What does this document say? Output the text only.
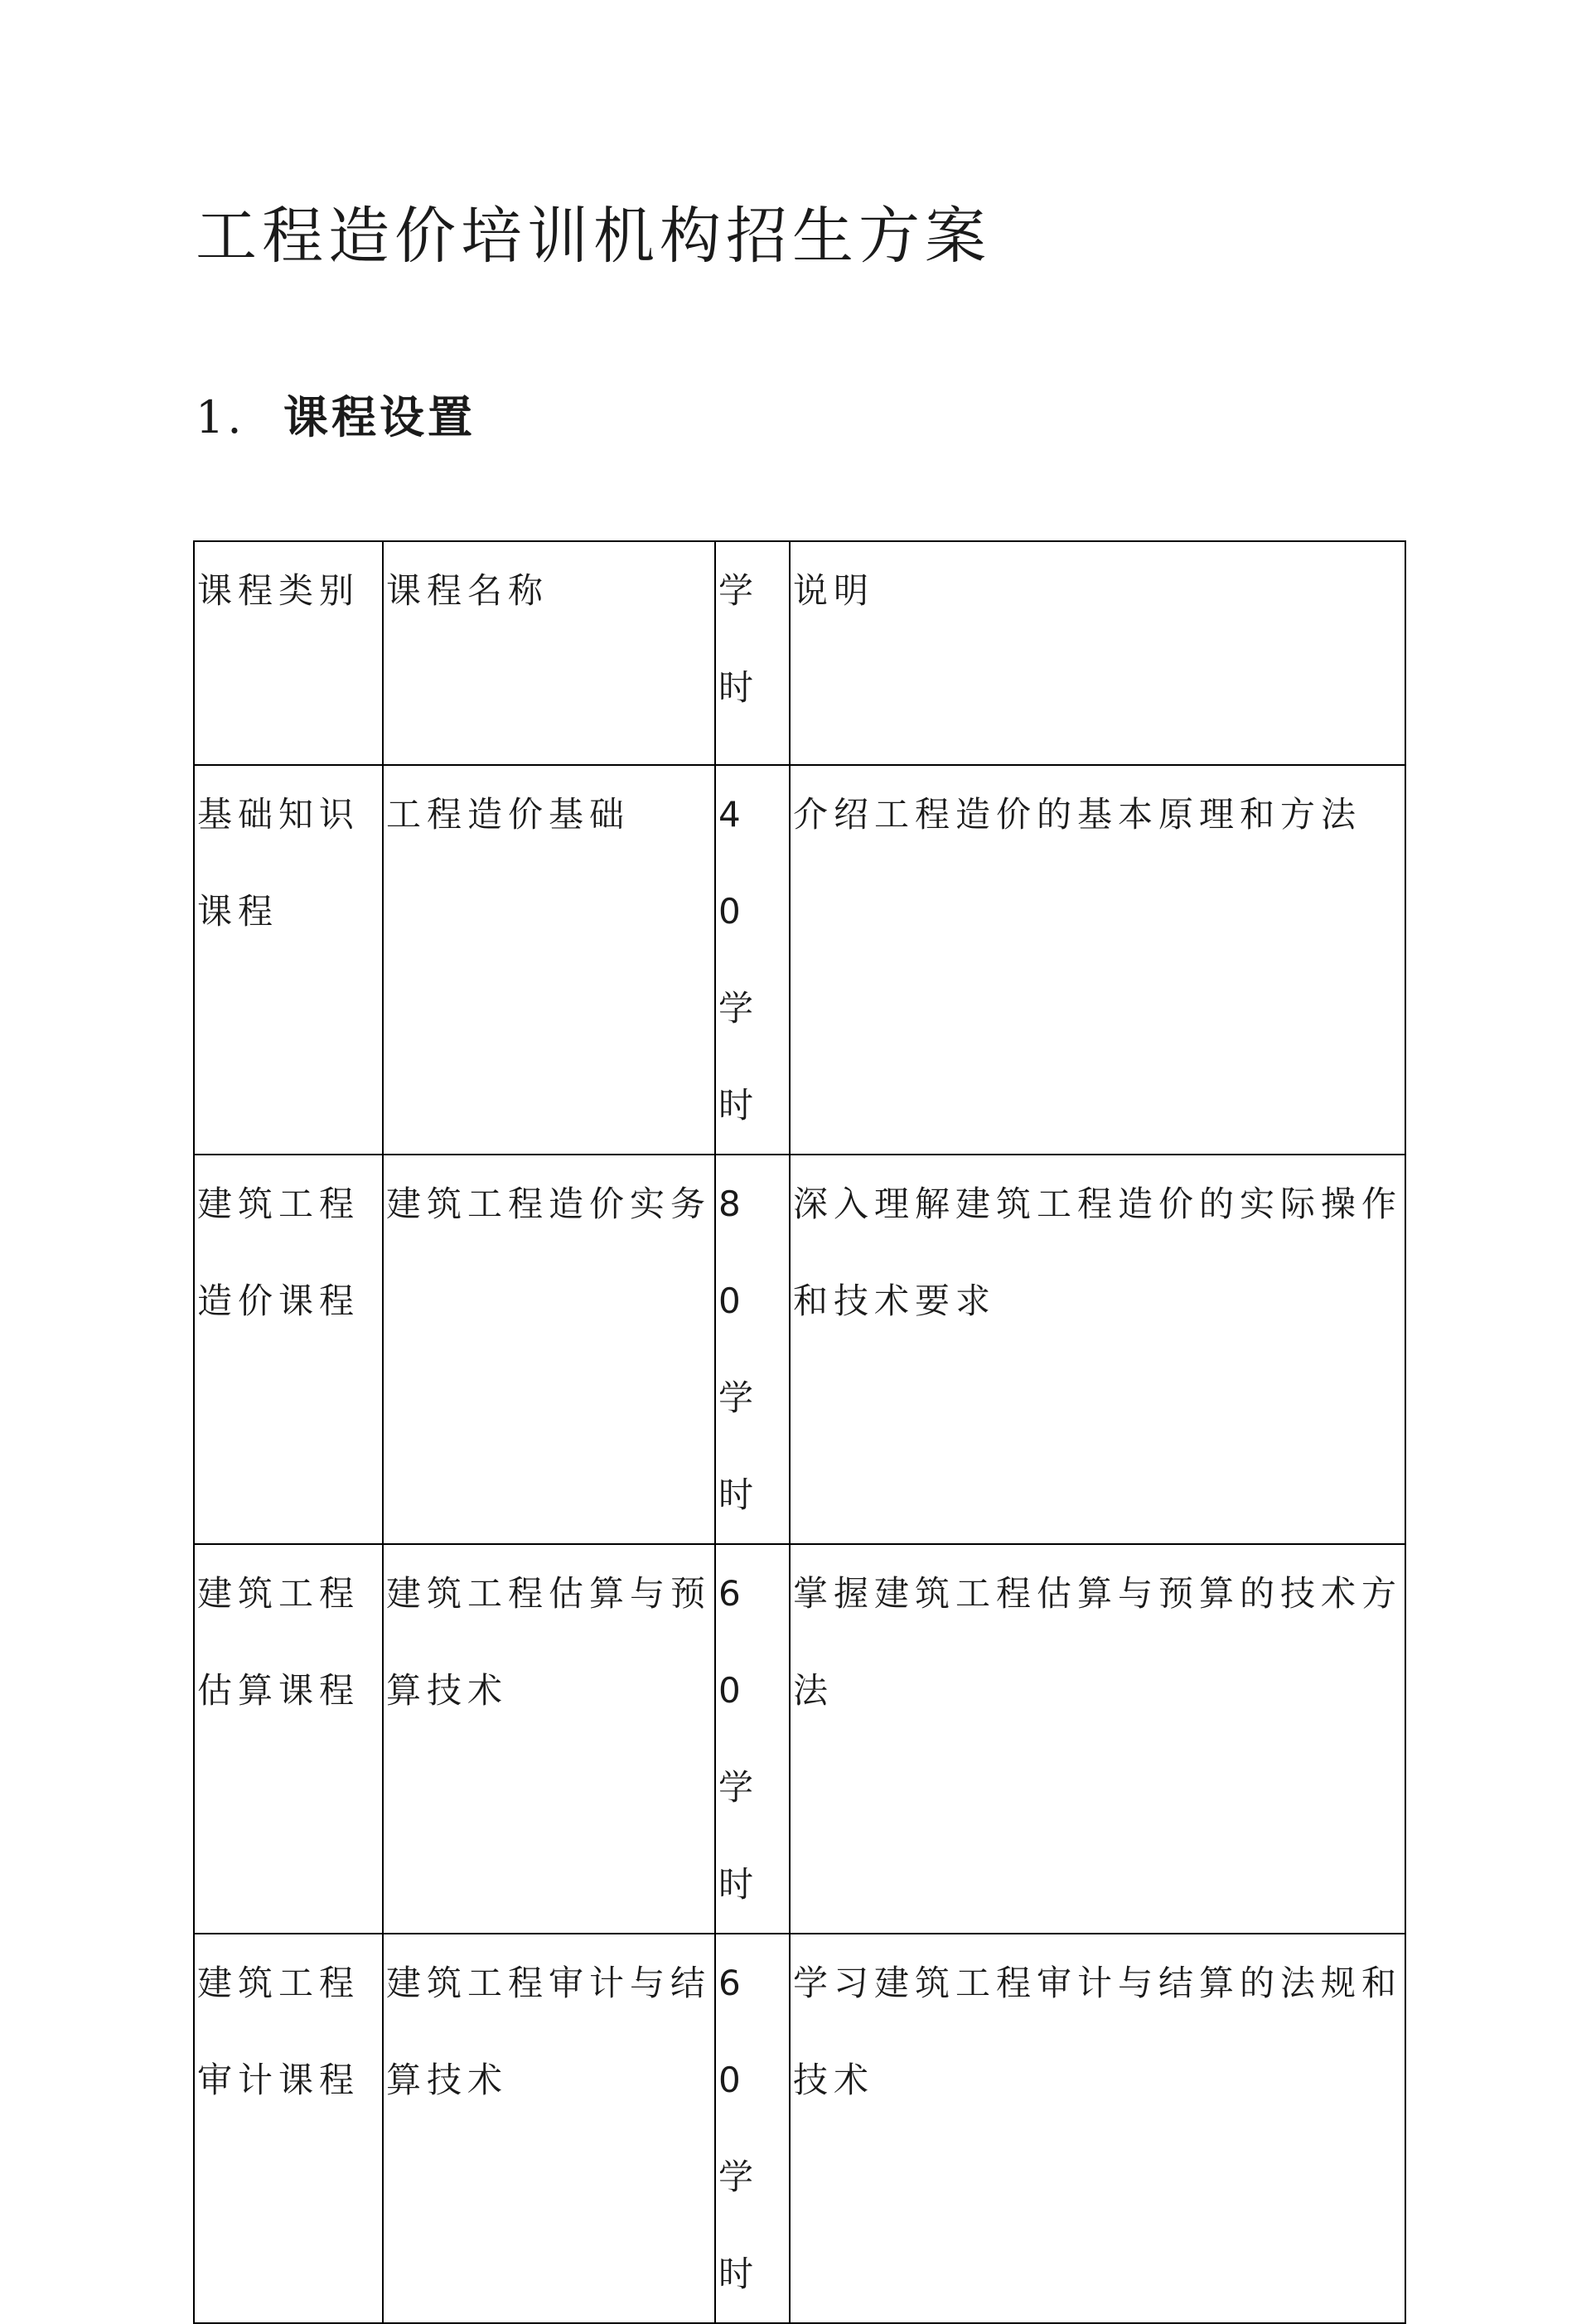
工程造价培训机构招生方案
1. 课程设置
课程类别	课程名称	学时	说明
基础知识课程	工程造价基础	40学时	介绍工程造价的基本原理和方法
建筑工程造价课程	建筑工程造价实务	80学时	深入理解建筑工程造价的实际操作和技术要求
建筑工程估算课程	建筑工程估算与预算技术	60学时	掌握建筑工程估算与预算的技术方法
建筑工程审计课程	建筑工程审计与结算技术	60学时	学习建筑工程审计与结算的法规和技术
